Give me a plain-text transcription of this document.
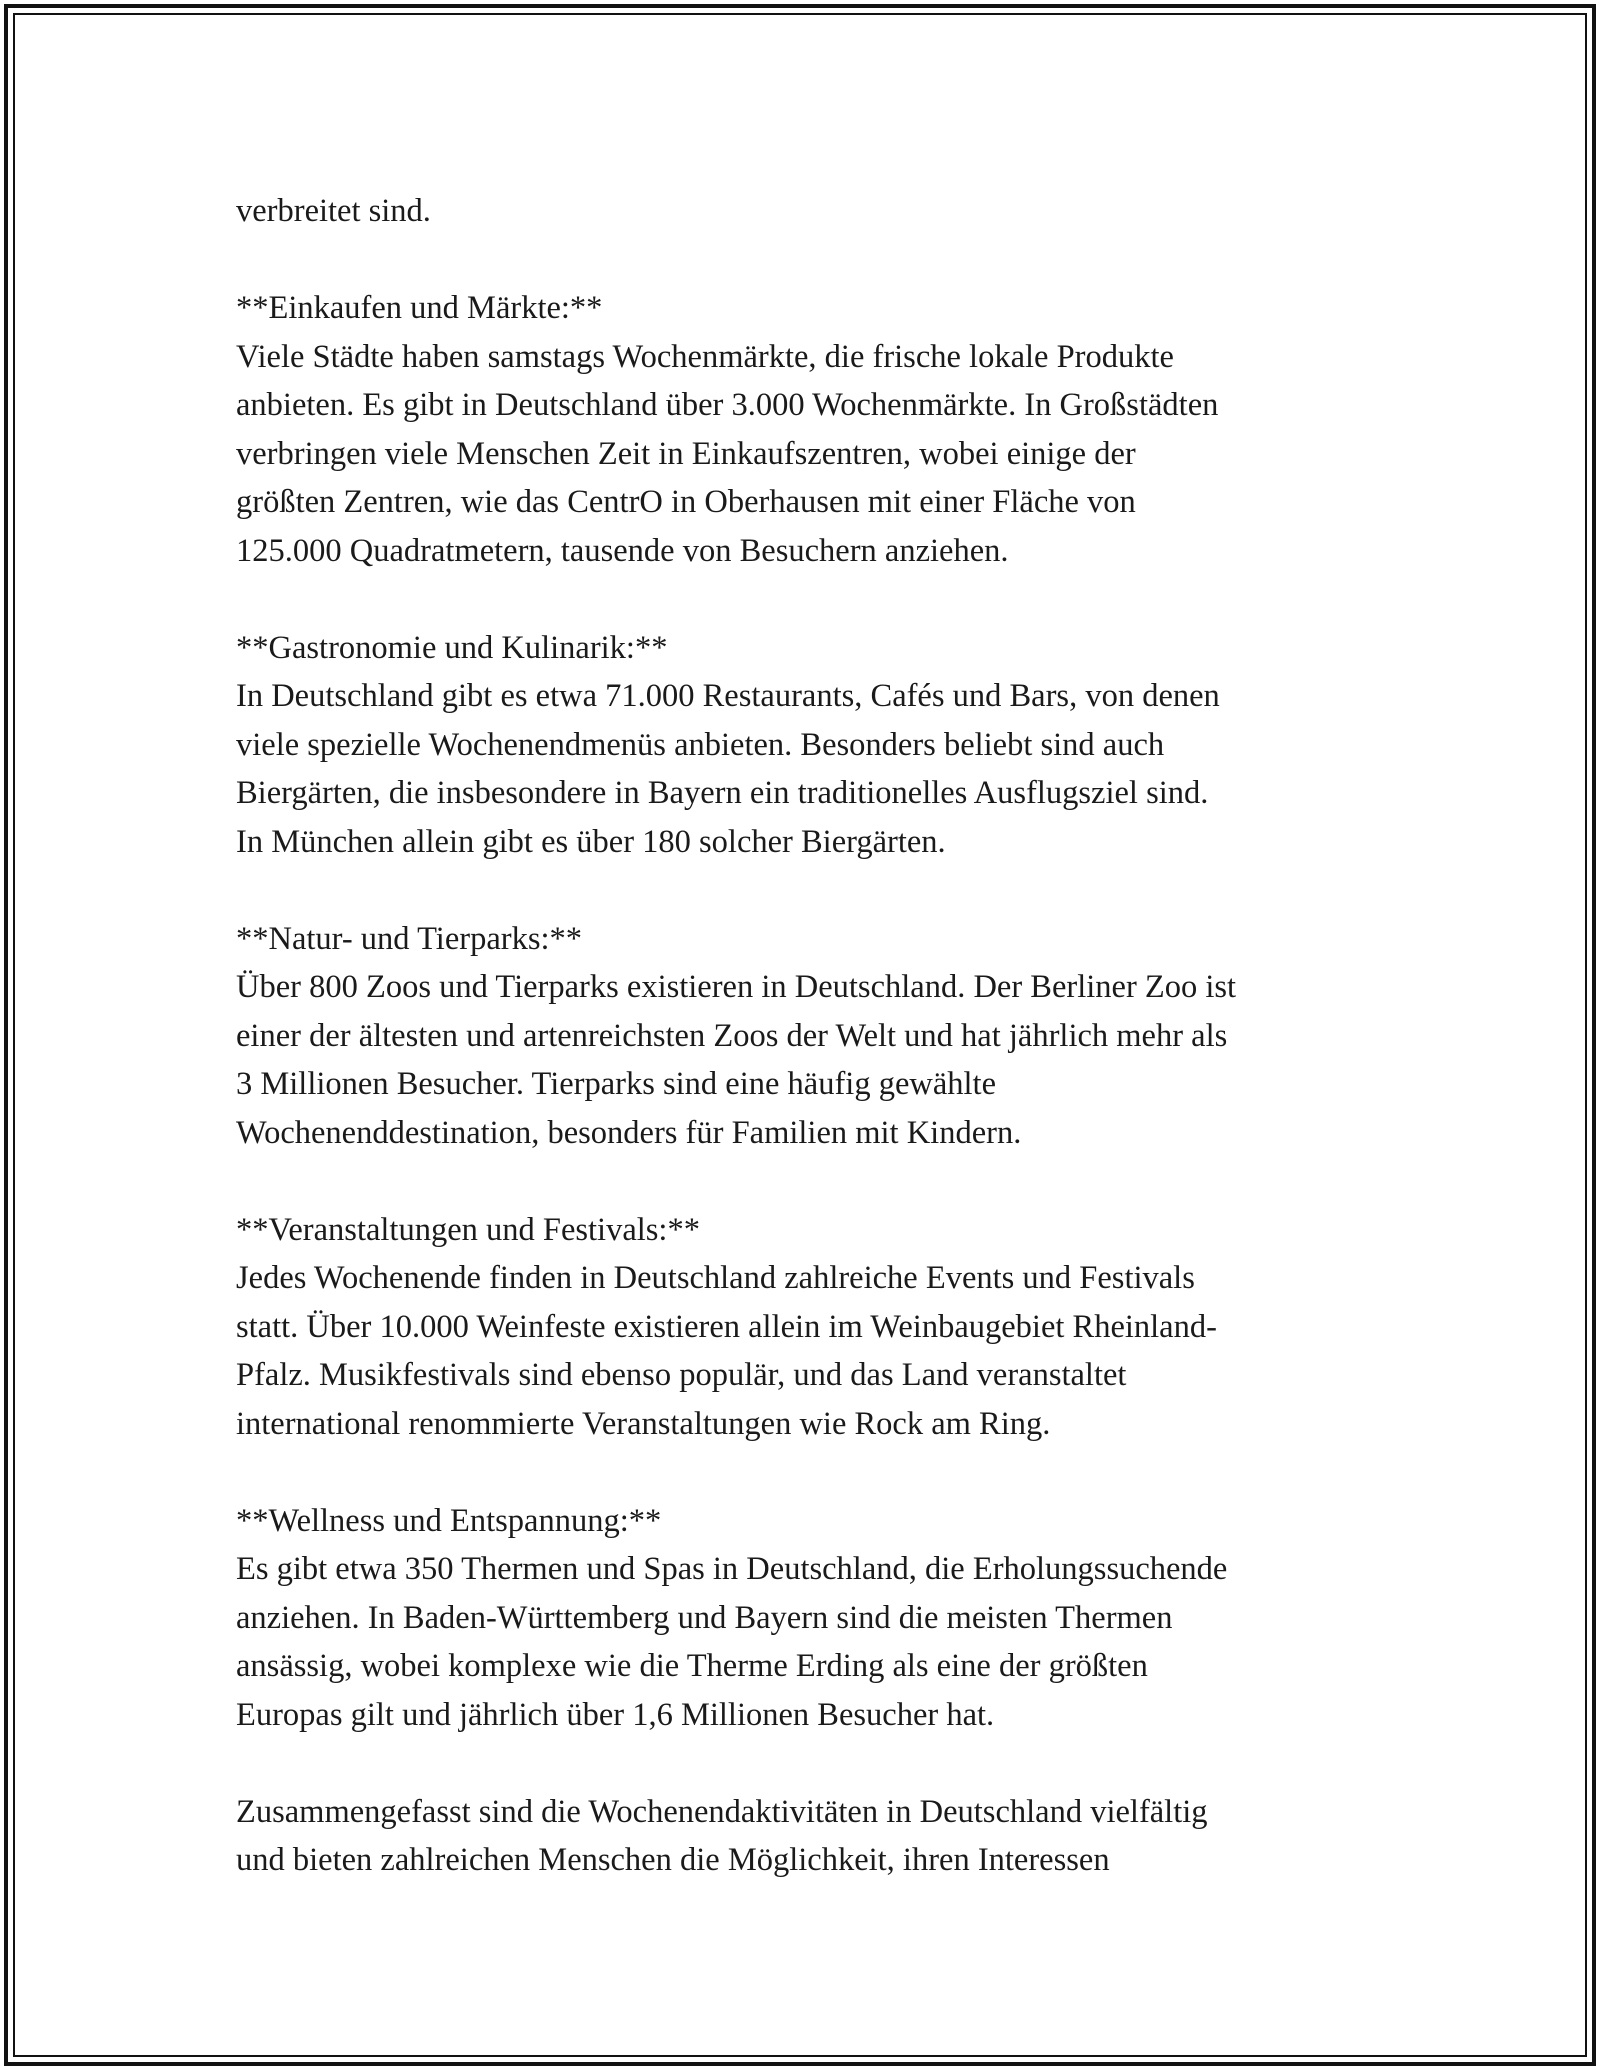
verbreitet sind.

**Einkaufen und Märkte:**
Viele Städte haben samstags Wochenmärkte, die frische lokale Produkte
anbieten. Es gibt in Deutschland über 3.000 Wochenmärkte. In Großstädten
verbringen viele Menschen Zeit in Einkaufszentren, wobei einige der
größten Zentren, wie das CentrO in Oberhausen mit einer Fläche von
125.000 Quadratmetern, tausende von Besuchern anziehen.

**Gastronomie und Kulinarik:**
In Deutschland gibt es etwa 71.000 Restaurants, Cafés und Bars, von denen
viele spezielle Wochenendmenüs anbieten. Besonders beliebt sind auch
Biergärten, die insbesondere in Bayern ein traditionelles Ausflugsziel sind.
In München allein gibt es über 180 solcher Biergärten.

**Natur- und Tierparks:**
Über 800 Zoos und Tierparks existieren in Deutschland. Der Berliner Zoo ist
einer der ältesten und artenreichsten Zoos der Welt und hat jährlich mehr als
3 Millionen Besucher. Tierparks sind eine häufig gewählte
Wochenenddestination, besonders für Familien mit Kindern.

**Veranstaltungen und Festivals:**
Jedes Wochenende finden in Deutschland zahlreiche Events und Festivals
statt. Über 10.000 Weinfeste existieren allein im Weinbaugebiet Rheinland-
Pfalz. Musikfestivals sind ebenso populär, und das Land veranstaltet
international renommierte Veranstaltungen wie Rock am Ring.

**Wellness und Entspannung:**
Es gibt etwa 350 Thermen und Spas in Deutschland, die Erholungssuchende
anziehen. In Baden-Württemberg und Bayern sind die meisten Thermen
ansässig, wobei komplexe wie die Therme Erding als eine der größten
Europas gilt und jährlich über 1,6 Millionen Besucher hat.

Zusammengefasst sind die Wochenendaktivitäten in Deutschland vielfältig
und bieten zahlreichen Menschen die Möglichkeit, ihren Interessen
